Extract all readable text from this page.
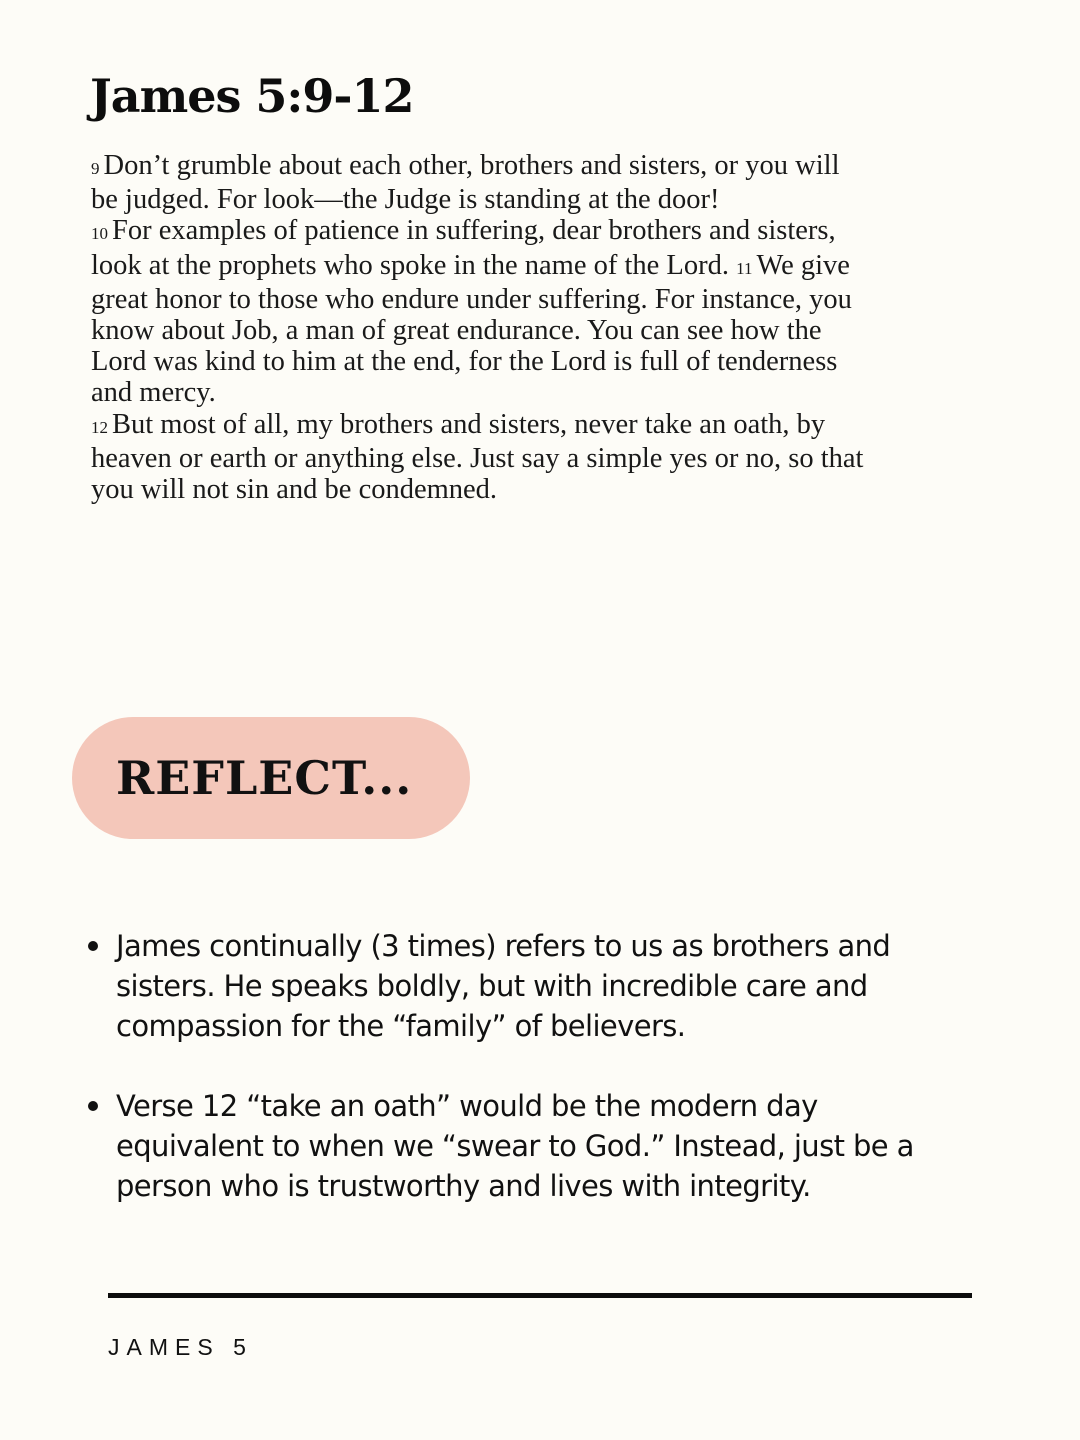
James 5:9-12
9 Don’t grumble about each other, brothers and sisters, or you will
be judged. For look—the Judge is standing at the door!
10 For examples of patience in suffering, dear brothers and sisters,
look at the prophets who spoke in the name of the Lord. 11 We give
great honor to those who endure under suffering. For instance, you
know about Job, a man of great endurance. You can see how the
Lord was kind to him at the end, for the Lord is full of tenderness
and mercy.
12 But most of all, my brothers and sisters, never take an oath, by
heaven or earth or anything else. Just say a simple yes or no, so that
you will not sin and be condemned.
REFLECT...
James continually (3 times) refers to us as brothers and
sisters. He speaks boldly, but with incredible care and
compassion for the “family” of believers.
Verse 12 “take an oath” would be the modern day
equivalent to when we “swear to God.” Instead, just be a
person who is trustworthy and lives with integrity.
JAMES 5
